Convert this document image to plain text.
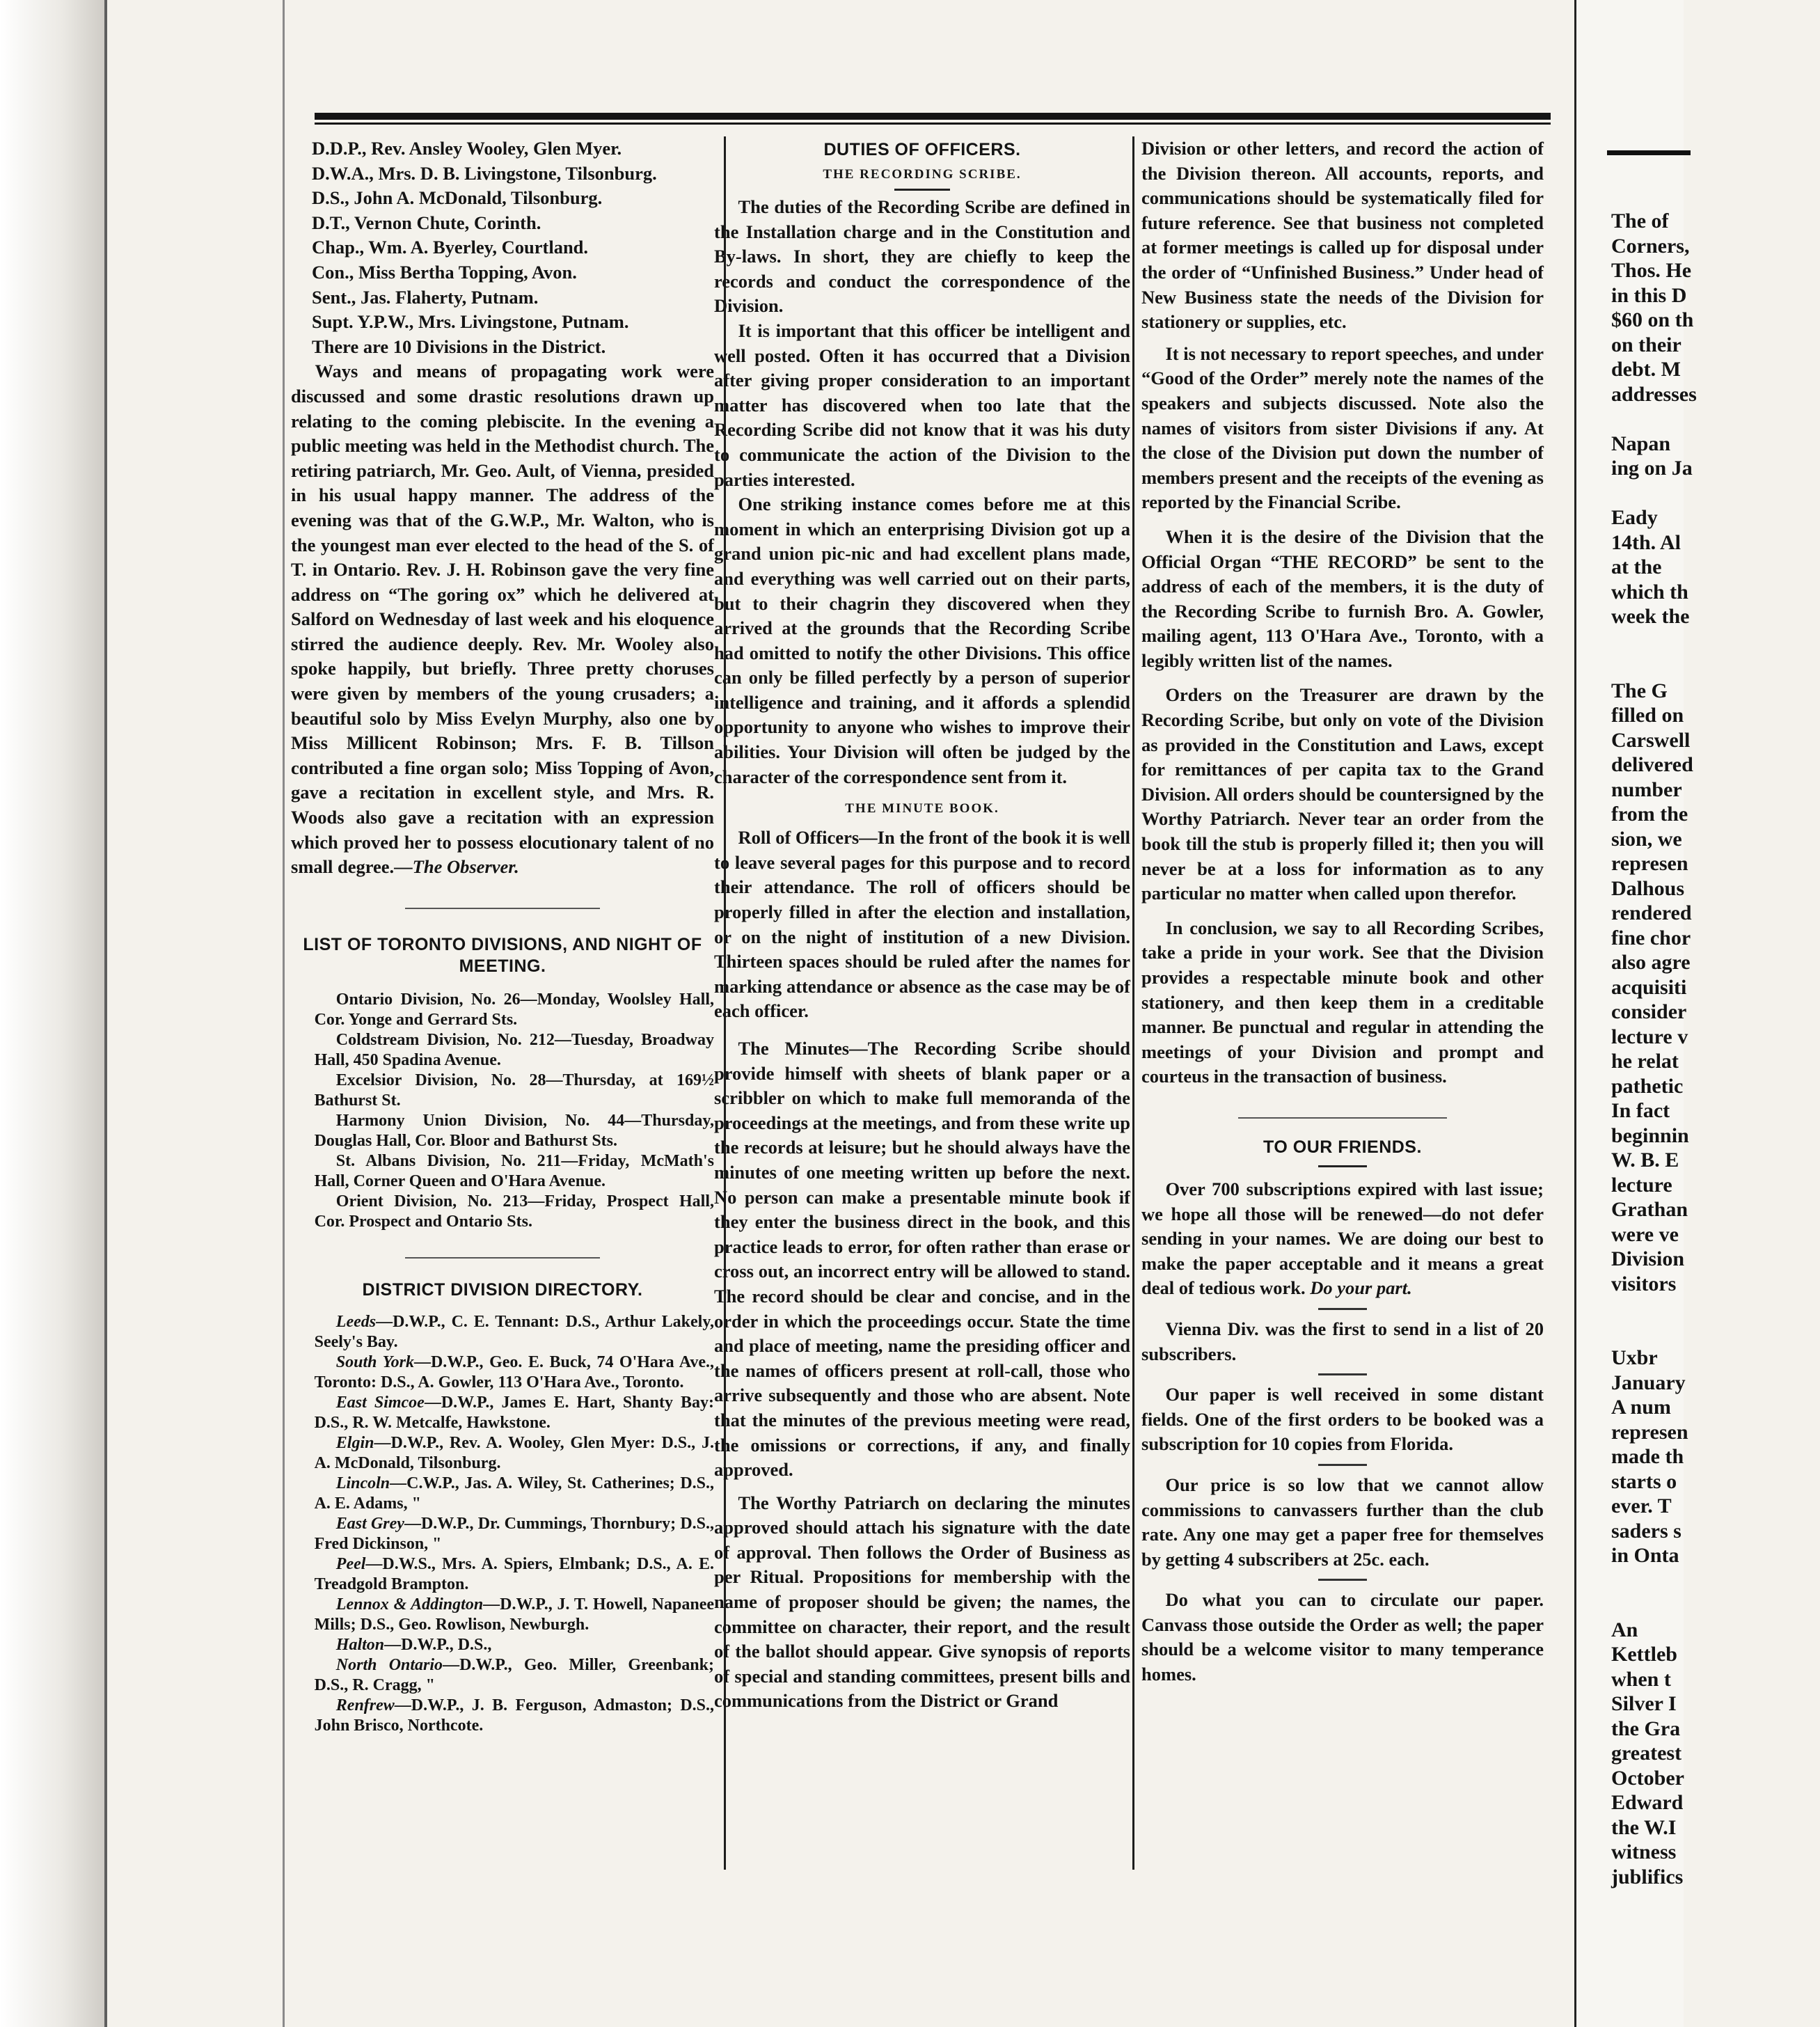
D.D.P., Rev. Ansley Wooley, Glen Myer.

D.W.A., Mrs. D. B. Livingstone, Tilsonburg.

D.S., John A. McDonald, Tilsonburg.

D.T., Vernon Chute, Corinth.

Chap., Wm. A. Byerley, Courtland.

Con., Miss Bertha Topping, Avon.

Sent., Jas. Flaherty, Putnam.

Supt. Y.P.W., Mrs. Livingstone, Putnam.

There are 10 Divisions in the District.

Ways and means of propagating work were discussed and some drastic resolutions drawn up relating to the coming plebiscite. In the evening a public meeting was held in the Methodist church. The retiring patriarch, Mr. Geo. Ault, of Vienna, presided in his usual happy manner. The address of the evening was that of the G.W.P., Mr. Walton, who is the youngest man ever elected to the head of the S. of T. in Ontario. Rev. J. H. Robinson gave the very fine address on “The goring ox” which he delivered at Salford on Wednesday of last week and his eloquence stirred the audience deeply. Rev. Mr. Wooley also spoke happily, but briefly. Three pretty choruses were given by members of the young crusaders; a beautiful solo by Miss Evelyn Murphy, also one by Miss Millicent Robinson; Mrs. F. B. Tillson contributed a fine organ solo; Miss Topping of Avon, gave a recitation in excellent style, and Mrs. R. Woods also gave a recitation with an expression which proved her to possess elocutionary talent of no small degree.—The Observer.

LIST OF TORONTO DIVISIONS, AND NIGHT OF MEETING.

Ontario Division, No. 26—Monday, Woolsley Hall, Cor. Yonge and Gerrard Sts.

Coldstream Division, No. 212—Tuesday, Broadway Hall, 450 Spadina Avenue.

Excelsior Division, No. 28—Thursday, at 169½ Bathurst St.

Harmony Union Division, No. 44—Thursday, Douglas Hall, Cor. Bloor and Bathurst Sts.

St. Albans Division, No. 211—Friday, McMath's Hall, Corner Queen and O'Hara Avenue.

Orient Division, No. 213—Friday, Prospect Hall, Cor. Prospect and Ontario Sts.

DISTRICT DIVISION DIRECTORY.

Leeds—D.W.P., C. E. Tennant: D.S., Arthur Lakely, Seely's Bay.

South York—D.W.P., Geo. E. Buck, 74 O'Hara Ave., Toronto: D.S., A. Gowler, 113 O'Hara Ave., Toronto.

East Simcoe—D.W.P., James E. Hart, Shanty Bay: D.S., R. W. Metcalfe, Hawkstone.

Elgin—D.W.P., Rev. A. Wooley, Glen Myer: D.S., J. A. McDonald, Tilsonburg.

Lincoln—C.W.P., Jas. A. Wiley, St. Catherines; D.S., A. E. Adams, "

East Grey—D.W.P., Dr. Cummings, Thornbury; D.S., Fred Dickinson, "

Peel—D.W.S., Mrs. A. Spiers, Elmbank; D.S., A. E. Treadgold Brampton.

Lennox & Addington—D.W.P., J. T. Howell, Napanee Mills; D.S., Geo. Rowlison, Newburgh.

Halton—D.W.P., D.S.,

North Ontario—D.W.P., Geo. Miller, Greenbank; D.S., R. Cragg, "

Renfrew—D.W.P., J. B. Ferguson, Admaston; D.S., John Brisco, Northcote.

DUTIES OF OFFICERS.
THE RECORDING SCRIBE.

The duties of the Recording Scribe are defined in the Installation charge and in the Constitution and By-laws. In short, they are chiefly to keep the records and conduct the correspondence of the Division.

It is important that this officer be intelligent and well posted. Often it has occurred that a Division after giving proper consideration to an important matter has discovered when too late that the Recording Scribe did not know that it was his duty to communicate the action of the Division to the parties interested.

One striking instance comes before me at this moment in which an enterprising Division got up a grand union pic-nic and had excellent plans made, and everything was well carried out on their parts, but to their chagrin they discovered when they arrived at the grounds that the Recording Scribe had omitted to notify the other Divisions. This office can only be filled perfectly by a person of superior intelligence and training, and it affords a splendid opportunity to anyone who wishes to improve their abilities. Your Division will often be judged by the character of the correspondence sent from it.

THE MINUTE BOOK.

Roll of Officers—In the front of the book it is well to leave several pages for this purpose and to record their attendance. The roll of officers should be properly filled in after the election and installation, or on the night of institution of a new Division. Thirteen spaces should be ruled after the names for marking attendance or absence as the case may be of each officer.

The Minutes—The Recording Scribe should provide himself with sheets of blank paper or a scribbler on which to make full memoranda of the proceedings at the meetings, and from these write up the records at leisure; but he should always have the minutes of one meeting written up before the next. No person can make a presentable minute book if they enter the business direct in the book, and this practice leads to error, for often rather than erase or cross out, an incorrect entry will be allowed to stand. The record should be clear and concise, and in the order in which the proceedings occur. State the time and place of meeting, name the presiding officer and the names of officers present at roll-call, those who arrive subsequently and those who are absent. Note that the minutes of the previous meeting were read, the omissions or corrections, if any, and finally approved.

The Worthy Patriarch on declaring the minutes approved should attach his signature with the date of approval. Then follows the Order of Business as per Ritual. Propositions for membership with the name of proposer should be given; the names, the committee on character, their report, and the result of the ballot should appear. Give synopsis of reports of special and standing committees, present bills and communications from the District or Grand

Division or other letters, and record the action of the Division thereon. All accounts, reports, and communications should be systematically filed for future reference. See that business not completed at former meetings is called up for disposal under the order of “Unfinished Business.” Under head of New Business state the needs of the Division for stationery or supplies, etc.

It is not necessary to report speeches, and under “Good of the Order” merely note the names of the speakers and subjects discussed. Note also the names of visitors from sister Divisions if any. At the close of the Division put down the number of members present and the receipts of the evening as reported by the Financial Scribe.

When it is the desire of the Division that the Official Organ “THE RECORD” be sent to the address of each of the members, it is the duty of the Recording Scribe to furnish Bro. A. Gowler, mailing agent, 113 O'Hara Ave., Toronto, with a legibly written list of the names.

Orders on the Treasurer are drawn by the Recording Scribe, but only on vote of the Division as provided in the Constitution and Laws, except for remittances of per capita tax to the Grand Division. All orders should be countersigned by the Worthy Patriarch. Never tear an order from the book till the stub is properly filled it; then you will never be at a loss for information as to any particular no matter when called upon therefor.

In conclusion, we say to all Recording Scribes, take a pride in your work. See that the Division provides a respectable minute book and other stationery, and then keep them in a creditable manner. Be punctual and regular in attending the meetings of your Division and prompt and courteus in the transaction of business.

TO OUR FRIENDS.

Over 700 subscriptions expired with last issue; we hope all those will be renewed—do not defer sending in your names. We are doing our best to make the paper acceptable and it means a great deal of tedious work. Do your part.

Vienna Div. was the first to send in a list of 20 subscribers.

Our paper is well received in some distant fields. One of the first orders to be booked was a subscription for 10 copies from Florida.

Our price is so low that we cannot allow commissions to canvassers further than the club rate. Any one may get a paper free for themselves by getting 4 subscribers at 25c. each.

Do what you can to circulate our paper. Canvass those outside the Order as well; the paper should be a welcome visitor to many temperance homes.

The of
Corners,
Thos. He
in this D
$60 on th
on their
debt. M
addresses
Napan
ing on Ja
Eady
14th. Al
at the
which th
week the
The G
filled on
Carswell
delivered
number
from the
sion, we
represen
Dalhous
rendered
fine chor
also agre
acquisiti
consider
lecture v
he relat
pathetic
In fact
beginnin
W. B. E
lecture
Grathan
were ve
Division
visitors
Uxbr
January
A num
represen
made th
starts o
ever. T
saders s
in Onta
An
Kettleb
when t
Silver I
the Gra
greatest
October
Edward
the W.I
witness
jublifics
